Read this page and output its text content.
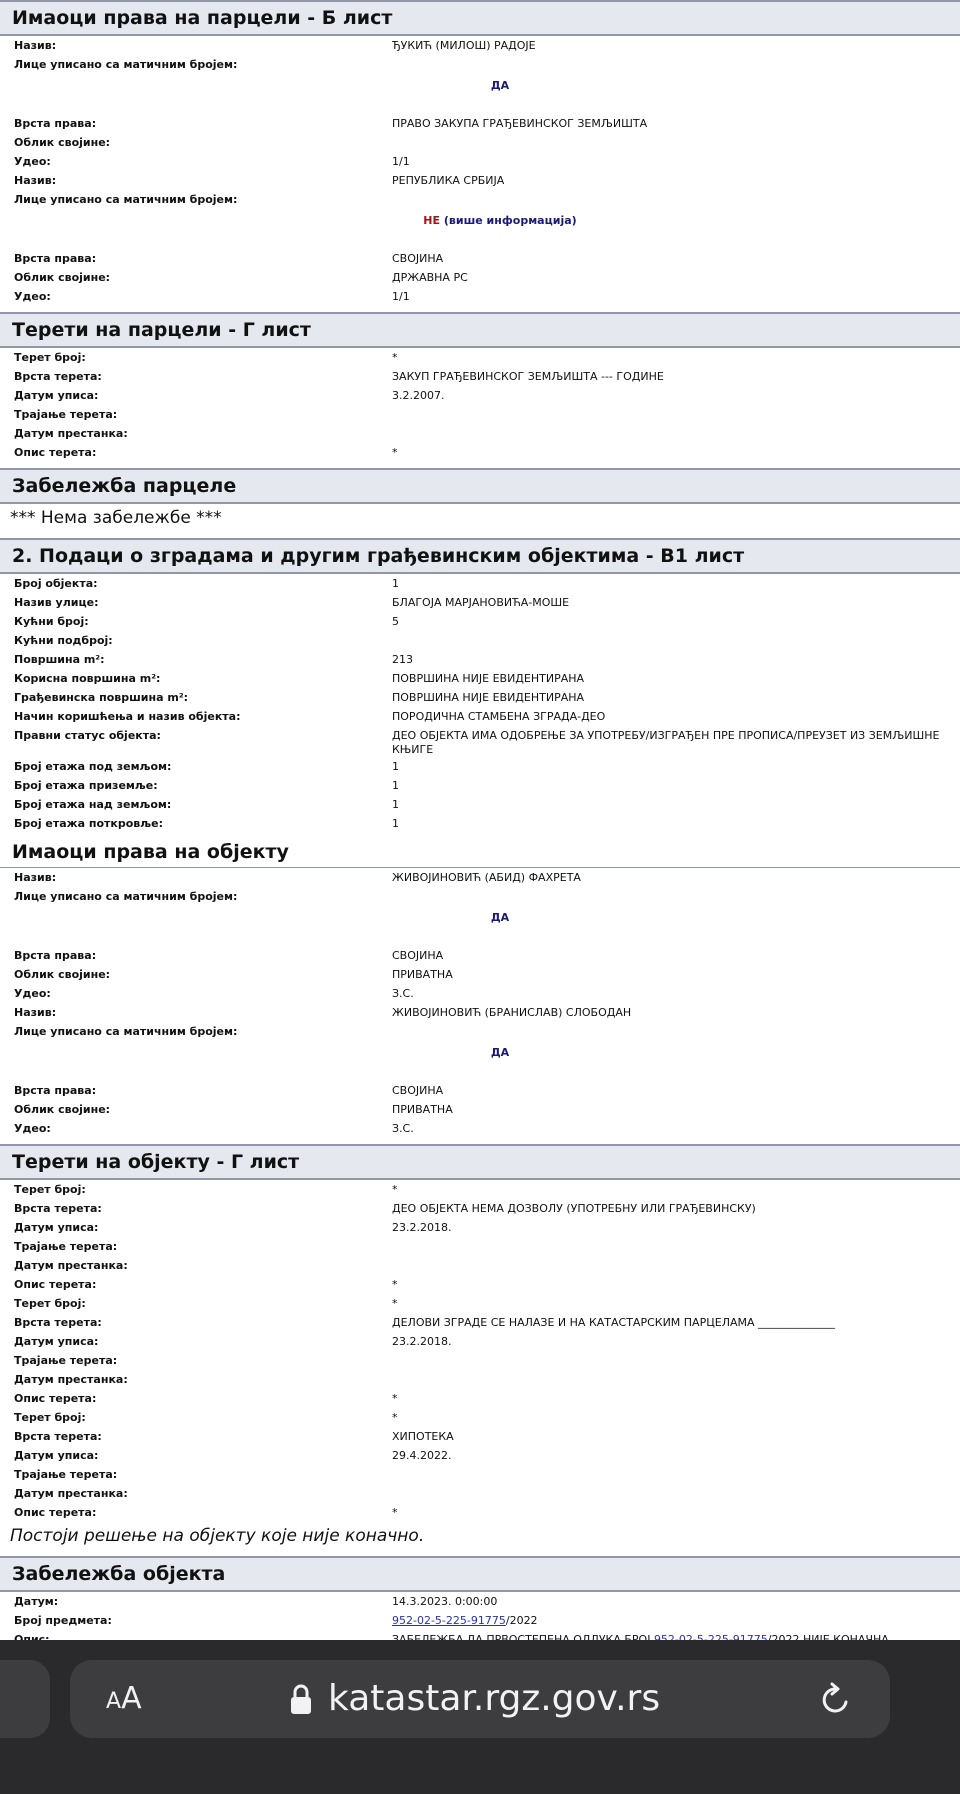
Имаоци права на парцели - Б лист
Назив:	ЂУКИЋ (МИЛОШ) РАДОЈЕ
Лице уписано са матичним бројем:
ДА
Врста права:	ПРАВО ЗАКУПА ГРАЂЕВИНСКОГ ЗЕМЉИШТА
Облик својине:
Удео:	1/1
Назив:	РЕПУБЛИКА СРБИЈА
Лице уписано са матичним бројем:
НЕ (више информација)
Врста права:	СВОЈИНА
Облик својине:	ДРЖАВНА РС
Удео:	1/1
Терети на парцели - Г лист
Терет број:	*
Врста терета:	ЗАКУП ГРАЂЕВИНСКОГ ЗЕМЉИШТА --- ГОДИНЕ
Датум уписа:	3.2.2007.
Трајање терета:
Датум престанка:
Опис терета:	*
Забележба парцеле
*** Нема забележбе ***
2. Подаци о зградама и другим грађевинским објектима - В1 лист
Број објекта:	1
Назив улице:	БЛАГОЈА МАРЈАНОВИЋА-МОШЕ
Кућни број:	5
Кућни подброј:
Површина m²:	213
Корисна површина m²:	ПОВРШИНА НИЈЕ ЕВИДЕНТИРАНА
Грађевинска површина m²:	ПОВРШИНА НИЈЕ ЕВИДЕНТИРАНА
Начин коришћења и назив објекта:	ПОРОДИЧНА СТАМБЕНА ЗГРАДА-ДЕО
Правни статус објекта:	ДЕО ОБЈЕКТА ИМА ОДОБРЕЊЕ ЗА УПОТРЕБУ/ИЗГРАЂЕН ПРЕ ПРОПИСА/ПРЕУЗЕТ ИЗ ЗЕМЉИШНЕ КЊИГЕ
Број етажа под земљом:	1
Број етажа приземље:	1
Број етажа над земљом:	1
Број етажа поткровље:	1
Имаоци права на објекту
Назив:	ЖИВОЈИНОВИЋ (АБИД) ФАХРЕТА
Лице уписано са матичним бројем:
ДА
Врста права:	СВОЈИНА
Облик својине:	ПРИВАТНА
Удео:	З.С.
Назив:	ЖИВОЈИНОВИЋ (БРАНИСЛАВ) СЛОБОДАН
Лице уписано са матичним бројем:
ДА
Врста права:	СВОЈИНА
Облик својине:	ПРИВАТНА
Удео:	З.С.
Терети на објекту - Г лист
Терет број:	*
Врста терета:	ДЕО ОБЈЕКТА НЕМА ДОЗВОЛУ (УПОТРЕБНУ ИЛИ ГРАЂЕВИНСКУ)
Датум уписа:	23.2.2018.
Трајање терета:
Датум престанка:
Опис терета:	*
Терет број:	*
Врста терета:	ДЕЛОВИ ЗГРАДЕ СЕ НАЛАЗЕ И НА КАТАСТАРСКИМ ПАРЦЕЛАМА ______________
Датум уписа:	23.2.2018.
Трајање терета:
Датум престанка:
Опис терета:	*
Терет број:	*
Врста терета:	ХИПОТЕКА
Датум уписа:	29.4.2022.
Трајање терета:
Датум престанка:
Опис терета:	*
Постоји решење на објекту које није коначно.
Забележба објекта
Датум:	14.3.2023. 0:00:00
Број предмета:	952-02-5-225-91775/2022
AA	katastar.rgz.gov.rs
